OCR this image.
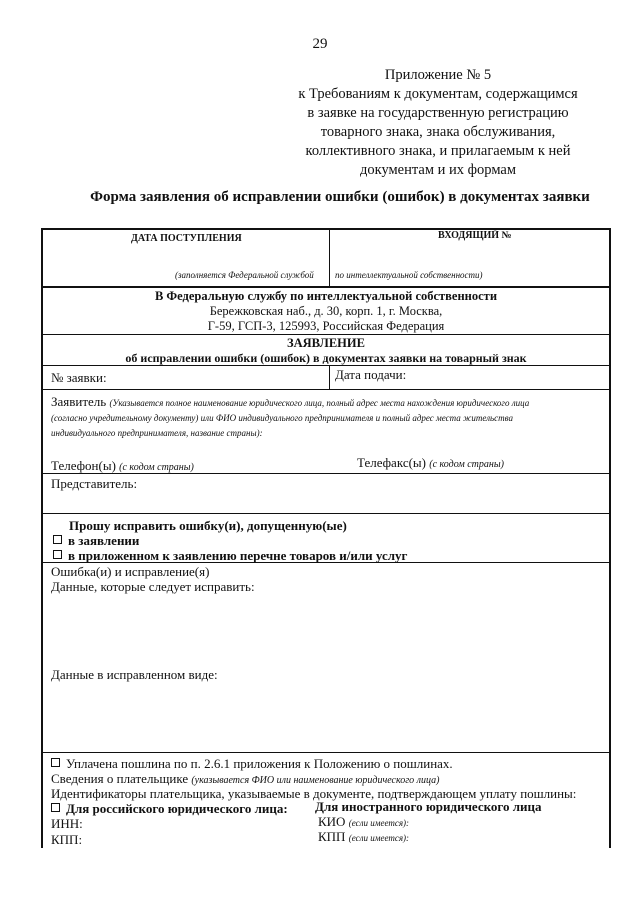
29
Приложение № 5
к Требованиям к документам, содержащимся
в заявке на государственную регистрацию
товарного знака, знака обслуживания,
коллективного знака, и прилагаемым к ней
документам и их формам
Форма заявления об исправлении ошибки (ошибок) в документах заявки
ДАТА ПОСТУПЛЕНИЯ	ВХОДЯЩИЙ №
(заполняется Федеральной службой по интеллектуальной собственности)
В Федеральную службу по интеллектуальной собственности
Бережковская наб., д. 30, корп. 1, г. Москва,
Г-59, ГСП-3, 125993, Российская Федерация
ЗАЯВЛЕНИЕ
об исправлении ошибки (ошибок) в документах заявки на товарный знак
№ заявки:	Дата подачи:
Заявитель (Указывается полное наименование юридического лица, полный адрес места нахождения юридического лица
(согласно учредительному документу) или ФИО индивидуального предпринимателя и полный адрес места жительства
индивидуального предпринимателя, название страны):
Телефон(ы) (с кодом страны)	Телефакс(ы) (с кодом страны)
Представитель:
Прошу исправить ошибку(и), допущенную(ые)
в заявлении
в приложенном к заявлению перечне товаров и/или услуг
Ошибка(и) и исправление(я)
Данные, которые следует исправить:
Данные в исправленном виде:
Уплачена пошлина по п. 2.6.1 приложения к Положению о пошлинах.
Сведения о плательщике (указывается ФИО или наименование юридического лица)
Идентификаторы плательщика, указываемые в документе, подтверждающем уплату пошлины:
Для российского юридического лица: Для иностранного юридического лица
ИНН:	КИО (если имеется):
КПП:	КПП (если имеется):
